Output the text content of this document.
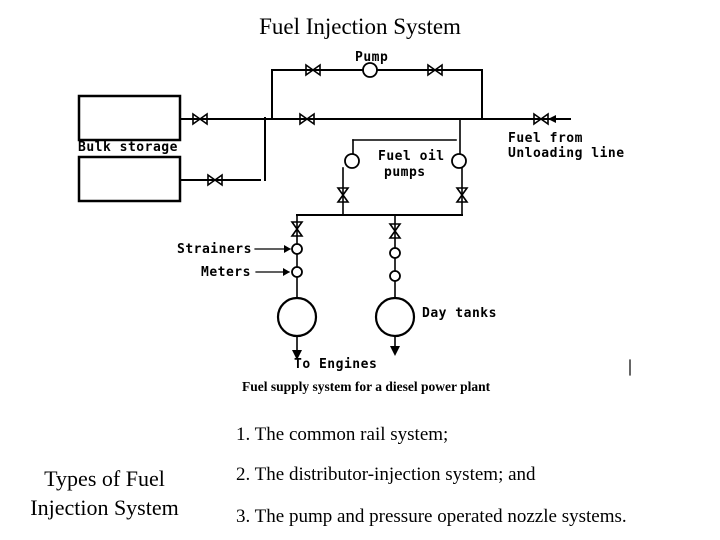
Fuel Injection System
Pump
Bulk storage
Fuel from
Unloading line
Fuel oil
pumps
Strainers
Meters
Day tanks
To Engines
Fuel supply system for a diesel power plant
Types of Fuel Injection System
1. The common rail system;
2. The distributor-injection system; and
3. The pump and pressure operated nozzle systems.
